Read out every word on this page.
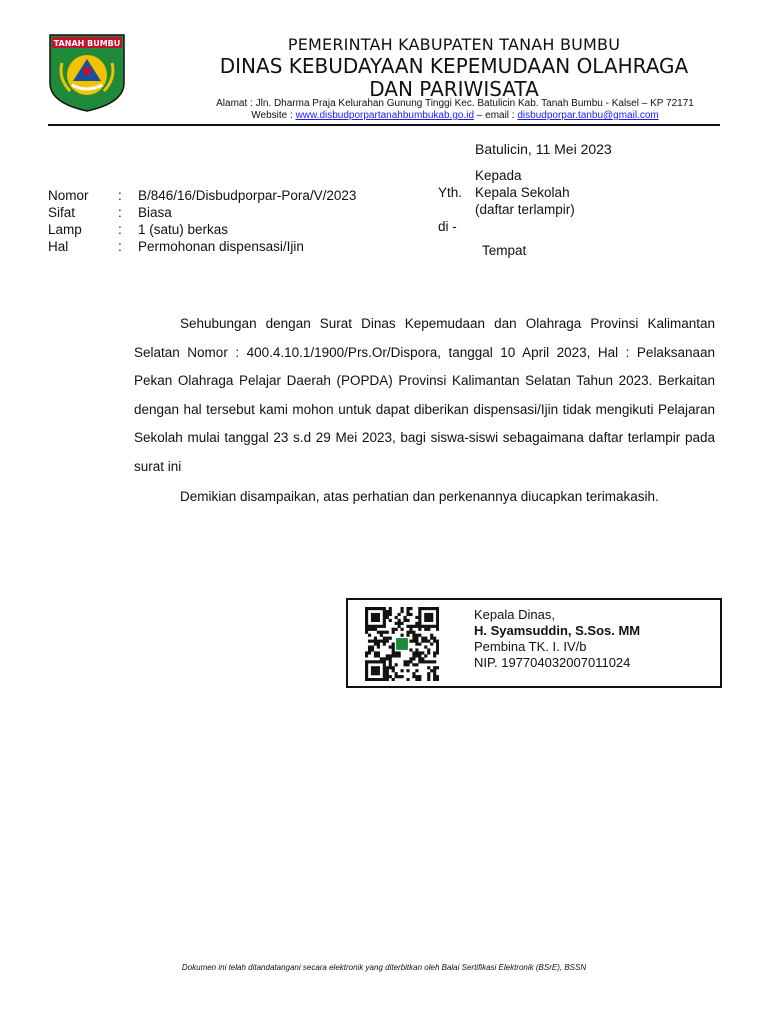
TANAH BUMBU	PEMERINTAH KABUPATEN TANAH BUMBU
DINAS KEBUDAYAAN KEPEMUDAAN OLAHRAGA
DAN PARIWISATA
Alamat : Jln. Dharma Praja Kelurahan Gunung Tinggi Kec. Batulicin Kab. Tanah Bumbu - Kalsel – KP 72171
Website : www.disbudporpartanahbumbukab.go.id – email : disbudporpar.tanbu@gmail.com
Batulicin, 11 Mei 2023
Nomor	:	B/846/16/Disbudporpar-Pora/V/2023
Sifat	:	Biasa
Lamp	:	1 (satu) berkas
Hal	:	Permohonan dispensasi/Ijin
Kepada
Yth. Kepala Sekolah
(daftar terlampir)
di -
Tempat

Sehubungan dengan Surat Dinas Kepemudaan dan Olahraga Provinsi Kalimantan Selatan Nomor : 400.4.10.1/1900/Prs.Or/Dispora, tanggal 10 April 2023, Hal : Pelaksanaan Pekan Olahraga Pelajar Daerah (POPDA) Provinsi Kalimantan Selatan Tahun 2023. Berkaitan dengan hal tersebut kami mohon untuk dapat diberikan dispensasi/Ijin tidak mengikuti Pelajaran Sekolah mulai tanggal 23 s.d 29 Mei 2023, bagi siswa-siswi sebagaimana daftar terlampir pada surat ini

Demikian disampaikan, atas perhatian dan perkenannya diucapkan terimakasih.

Kepala Dinas,
H. Syamsuddin, S.Sos. MM
Pembina TK. I. IV/b
NIP. 197704032007011024
Dokumen ini telah ditandatangani secara elektronik yang diterbitkan oleh Balai Sertifikasi Elektronik (BSrE), BSSN
